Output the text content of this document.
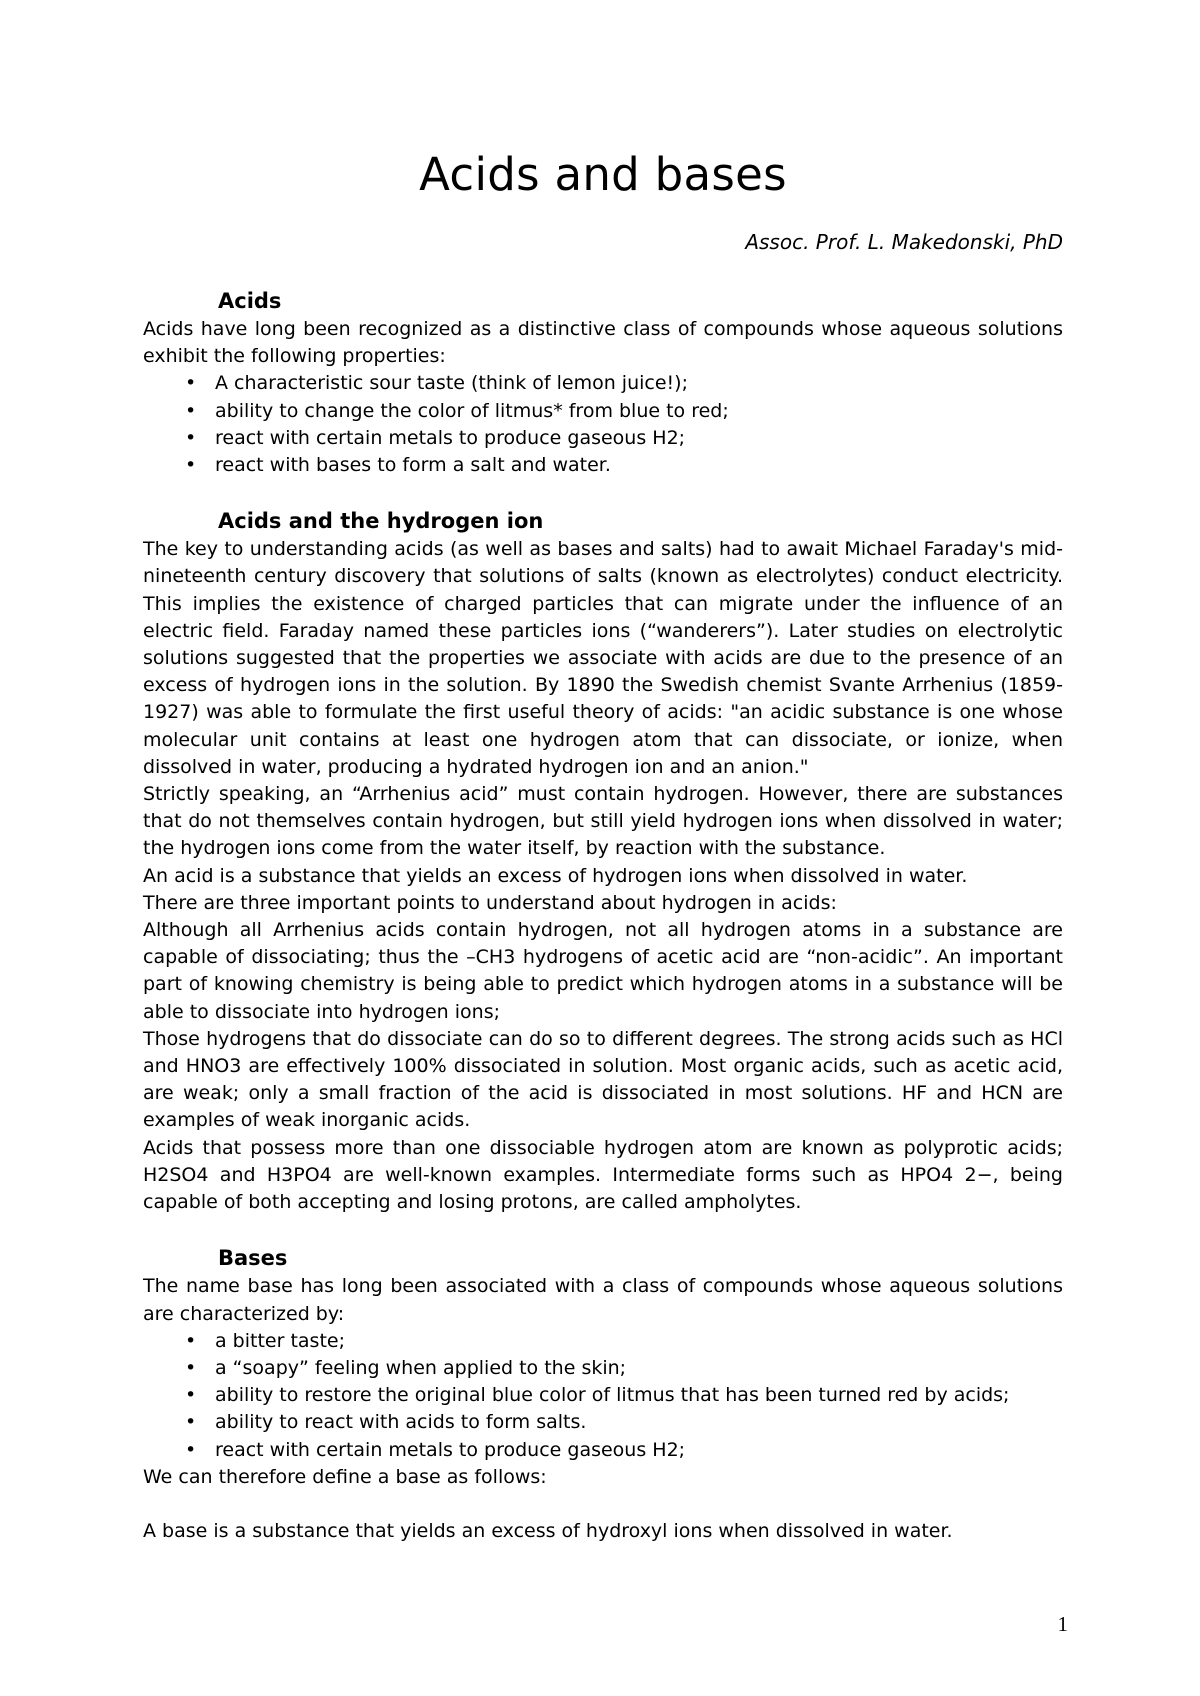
Acids and bases
Assoc. Prof. L. Makedonski, PhD
Acids

Acids have long been recognized as a distinctive class of compounds whose aqueous solutions exhibit the following properties:

• A characteristic sour taste (think of lemon juice!);
• ability to change the color of litmus* from blue to red;
• react with certain metals to produce gaseous H2;
• react with bases to form a salt and water.
Acids and the hydrogen ion

The key to understanding acids (as well as bases and salts) had to await Michael Faraday's mid-nineteenth century discovery that solutions of salts (known as electrolytes) conduct electricity. This implies the existence of charged particles that can migrate under the influence of an electric field. Faraday named these particles ions (“wanderers”). Later studies on electrolytic solutions suggested that the properties we associate with acids are due to the presence of an excess of hydrogen ions in the solution. By 1890 the Swedish chemist Svante Arrhenius (1859-1927) was able to formulate the first useful theory of acids: "an acidic substance is one whose molecular unit contains at least one hydrogen atom that can dissociate, or ionize, when dissolved in water, producing a hydrated hydrogen ion and an anion."

Strictly speaking, an “Arrhenius acid” must contain hydrogen. However, there are substances that do not themselves contain hydrogen, but still yield hydrogen ions when dissolved in water; the hydrogen ions come from the water itself, by reaction with the substance.

An acid is a substance that yields an excess of hydrogen ions when dissolved in water.

There are three important points to understand about hydrogen in acids:

Although all Arrhenius acids contain hydrogen, not all hydrogen atoms in a substance are capable of dissociating; thus the –CH3 hydrogens of acetic acid are “non-acidic”. An important part of knowing chemistry is being able to predict which hydrogen atoms in a substance will be able to dissociate into hydrogen ions;

Those hydrogens that do dissociate can do so to different degrees. The strong acids such as HCl and HNO3 are effectively 100% dissociated in solution. Most organic acids, such as acetic acid, are weak; only a small fraction of the acid is dissociated in most solutions. HF and HCN are examples of weak inorganic acids.

Acids that possess more than one dissociable hydrogen atom are known as polyprotic acids; H2SO4 and H3PO4 are well-known examples. Intermediate forms such as HPO4 2−, being capable of both accepting and losing protons, are called ampholytes.

Bases

The name base has long been associated with a class of compounds whose aqueous solutions are characterized by:

• a bitter taste;
• a “soapy” feeling when applied to the skin;
• ability to restore the original blue color of litmus that has been turned red by acids;
• ability to react with acids to form salts.
• react with certain metals to produce gaseous H2;

We can therefore define a base as follows:

A base is a substance that yields an excess of hydroxyl ions when dissolved in water.

1
